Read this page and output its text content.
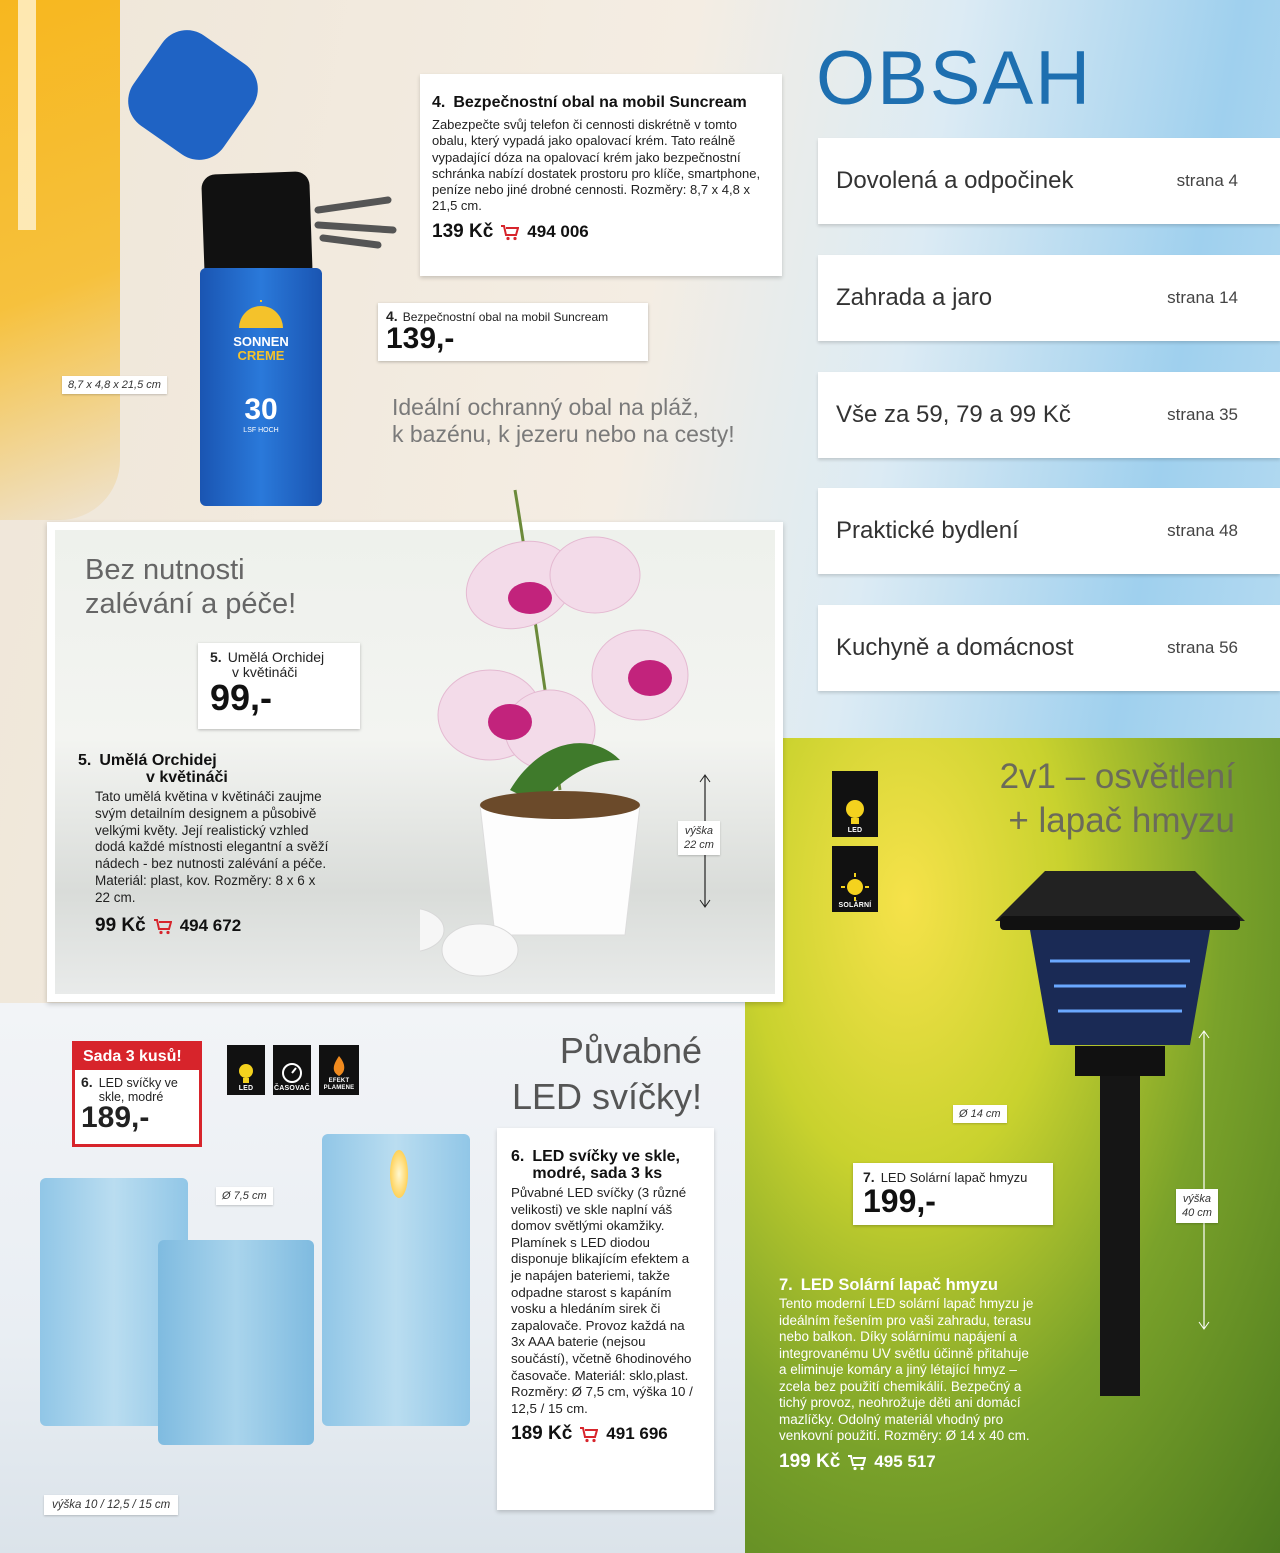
SONNEN
CREME
30
LSF HOCH
4. Bezpečnostní obal na mobil Suncream
Zabezpečte svůj telefon či cennosti diskrétně v tomto obalu, který vypadá jako opalovací krém. Tato reálně vypadající dóza na opalovací krém jako bezpečnostní schránka nabízí dostatek prostoru pro klíče, smartphone, peníze nebo jiné drobné cennosti. Rozměry: 8,7 x 4,8 x 21,5 cm.
139 Kč 494 006
4. Bezpečnostní obal na mobil Suncream
139,-
8,7 x 4,8 x 21,5 cm
Ideální ochranný obal na pláž,
k bazénu, k jezeru nebo na cesty!
OBSAH
Dovolená a odpočinek	strana 4
Zahrada a jaro	strana 14
Vše za 59, 79 a 99 Kč	strana 35
Praktické bydlení	strana 48
Kuchyně a domácnost	strana 56
Bez nutnosti
zalévání a péče!
5. Umělá Orchidej
v květináči
99,-
5. Umělá Orchidej
v květináči
Tato umělá květina v květináči zaujme svým detailním designem a působivě velkými květy. Její realistický vzhled dodá každé místnosti elegantní a svěží nádech - bez nutnosti zalévání a péče. Materiál: plast, kov. Rozměry: 8 x 6 x 22 cm.
99 Kč 494 672
výška
22 cm
2v1 – osvětlení
+ lapač hmyzu
LED
SOLÁRNÍ
Ø 14 cm
7. LED Solární lapač hmyzu
199,-	výška
40 cm
7. LED Solární lapač hmyzu
Tento moderní LED solární lapač hmyzu je ideálním řešením pro vaši zahradu, terasu nebo balkon. Díky solárnímu napájení a integrovanému UV světlu účinně přitahuje a eliminuje komáry a jiný létající hmyz – zcela bez použití chemikálií. Bezpečný a tichý provoz, neohrožuje děti ani domácí mazlíčky. Odolný materiál vhodný pro venkovní použití. Rozměry: Ø 14 x 40 cm.
199 Kč 495 517
Sada 3 kusů!
6. LED svíčky ve skle, modré
189,-
LED	ČASOVAČ
EFEKT PLAMENE
Půvabné
LED svíčky!
Ø 7,5 cm
6. LED svíčky ve skle, modré, sada 3 ks
Půvabné LED svíčky (3 různé velikosti) ve skle naplní váš domov světlými okamžiky. Plamínek s LED diodou disponuje blikajícím efektem a je napájen bateriemi, takže odpadne starost s kapáním vosku a hledáním sirek či zapalovače. Provoz každá na 3x AAA baterie (nejsou součástí), včetně 6hodinového časovače. Materiál: sklo,plast. Rozměry: Ø 7,5 cm, výška 10 / 12,5 / 15 cm.
189 Kč 491 696
výška 10 / 12,5 / 15 cm
